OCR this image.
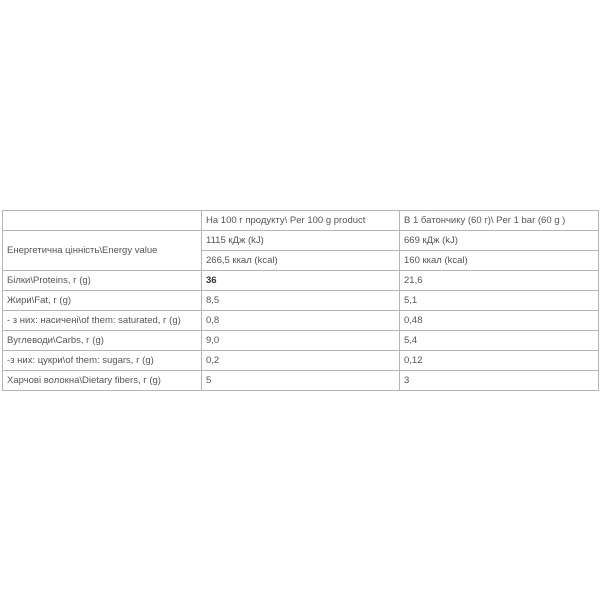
	На 100 г продукту\ Per 100 g product	В 1 батончику (60 г)\ Per 1 bar (60 g )
Енергетична цінність\Energy value	1115 кДж (kJ)	669 кДж (kJ)
	266,5 ккал (kcal)	160 ккал (kcal)
Білки\Proteins, г (g)	36	21,6
Жири\Fat, г (g)	8,5	5,1
- з них: насичені\of them: saturated, г (g)	0,8	0,48
Вуглеводи\Carbs, г (g)	9,0	5,4
-з них: цукри\of them: sugars, г (g)	0,2	0,12
Харчові волокна\Dietary fibers, г (g)	5	3
